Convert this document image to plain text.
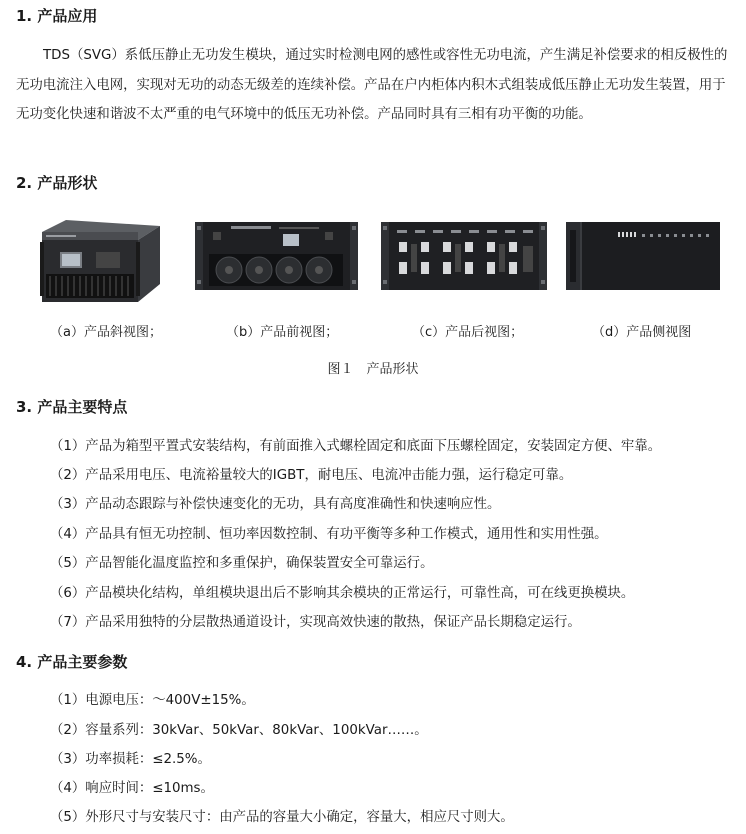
1. 产品应用
TDS（SVG）系低压静止无功发生模块，通过实时检测电网的感性或容性无功电流，产生满足补偿要求的相反极性的无功电流注入电网，实现对无功的动态无级差的连续补偿。产品在户内柜体内积木式组装成低压静止无功发生装置，用于无功变化快速和谐波不太严重的电气环境中的低压无功补偿。产品同时具有三相有功平衡的功能。
2. 产品形状
（a）产品斜视图；	（b）产品前视图；	（c）产品后视图；	（d）产品侧视图
图１　产品形状
3. 产品主要特点
（1）产品为箱型平置式安装结构，有前面推入式螺栓固定和底面下压螺栓固定，安装固定方便、牢靠。
（2）产品采用电压、电流裕量较大的IGBT，耐电压、电流冲击能力强，运行稳定可靠。
（3）产品动态跟踪与补偿快速变化的无功，具有高度准确性和快速响应性。
（4）产品具有恒无功控制、恒功率因数控制、有功平衡等多种工作模式，通用性和实用性强。
（5）产品智能化温度监控和多重保护，确保装置安全可靠运行。
（6）产品模块化结构，单组模块退出后不影响其余模块的正常运行，可靠性高，可在线更换模块。
（7）产品采用独特的分层散热通道设计，实现高效快速的散热，保证产品长期稳定运行。
4. 产品主要参数
（1）电源电压：～400V±15%。
（2）容量系列：30kVar、50kVar、80kVar、100kVar……。
（3）功率损耗：≤2.5%。
（4）响应时间：≤10ms。
（5）外形尺寸与安装尺寸：由产品的容量大小确定，容量大，相应尺寸则大。
